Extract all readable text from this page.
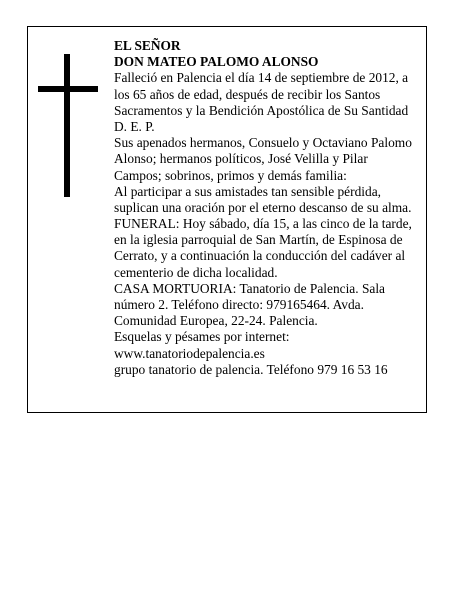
EL SEÑOR
DON MATEO PALOMO ALONSO
Falleció en Palencia el día 14 de septiembre de 2012, a
los 65 años de edad, después de recibir los Santos
Sacramentos y la Bendición Apostólica de Su Santidad
D. E. P.
Sus apenados hermanos, Consuelo y Octaviano Palomo
Alonso; hermanos políticos, José Velilla y Pilar
Campos; sobrinos, primos y demás familia:
Al participar a sus amistades tan sensible pérdida,
suplican una oración por el eterno descanso de su alma.
FUNERAL: Hoy sábado, día 15, a las cinco de la tarde,
en la iglesia parroquial de San Martín, de Espinosa de
Cerrato, y a continuación la conducción del cadáver al
cementerio de dicha localidad.
CASA MORTUORIA: Tanatorio de Palencia. Sala
número 2. Teléfono directo: 979165464. Avda.
Comunidad Europea, 22-24. Palencia.
Esquelas y pésames por internet:
www.tanatoriodepalencia.es
grupo tanatorio de palencia. Teléfono 979 16 53 16
